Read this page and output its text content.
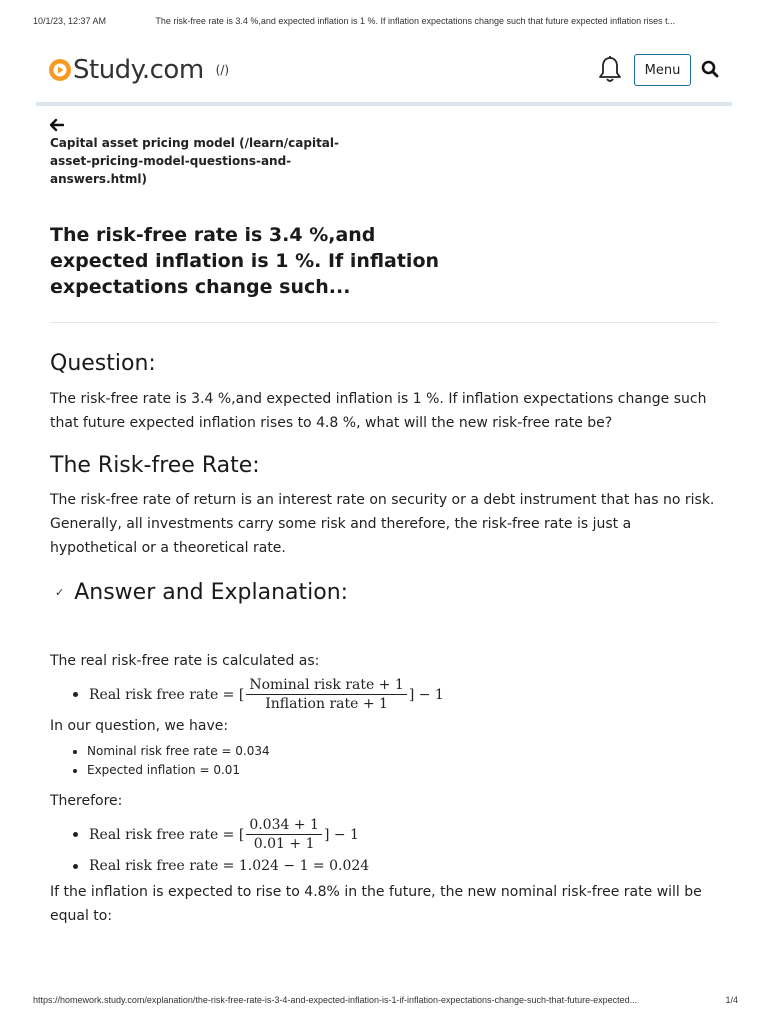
10/1/23, 12:37 AM	The risk-free rate is 3.4 %,and expected inflation is 1 %. If inflation expectations change such that future expected inflation rises t...
Study.com (/)	Menu
Capital asset pricing model (/learn/capital-asset-pricing-model-questions-and-answers.html)
The risk-free rate is 3.4 %,and expected inflation is 1 %. If inflation expectations change such...
Question:

The risk-free rate is 3.4 %,and expected inflation is 1 %. If inflation expectations change such that future expected inflation rises to 4.8 %, what will the new risk-free rate be?

The Risk-free Rate:

The risk-free rate of return is an interest rate on security or a debt instrument that has no risk. Generally, all investments carry some risk and therefore, the risk-free rate is just a hypothetical or a theoretical rate.

✓ Answer and Explanation:

The real risk-free rate is calculated as:

Real risk free rate = [ $\frac{\text{Nominal risk rate + 1}}{\text{Inflation rate + 1}}$ ] − 1

In our question, we have:

• Nominal risk free rate = 0.034
• Expected inflation = 0.01

Therefore:

Real risk free rate = [ $\frac{0.034 + 1}{0.01 + 1}$ ] − 1
Real risk free rate = 1.024 − 1 = 0.024

If the inflation is expected to rise to 4.8% in the future, the new nominal risk-free rate will be equal to:

https://homework.study.com/explanation/the-risk-free-rate-is-3-4-and-expected-inflation-is-1-if-inflation-expectations-change-such-that-future-expected...	1/4
